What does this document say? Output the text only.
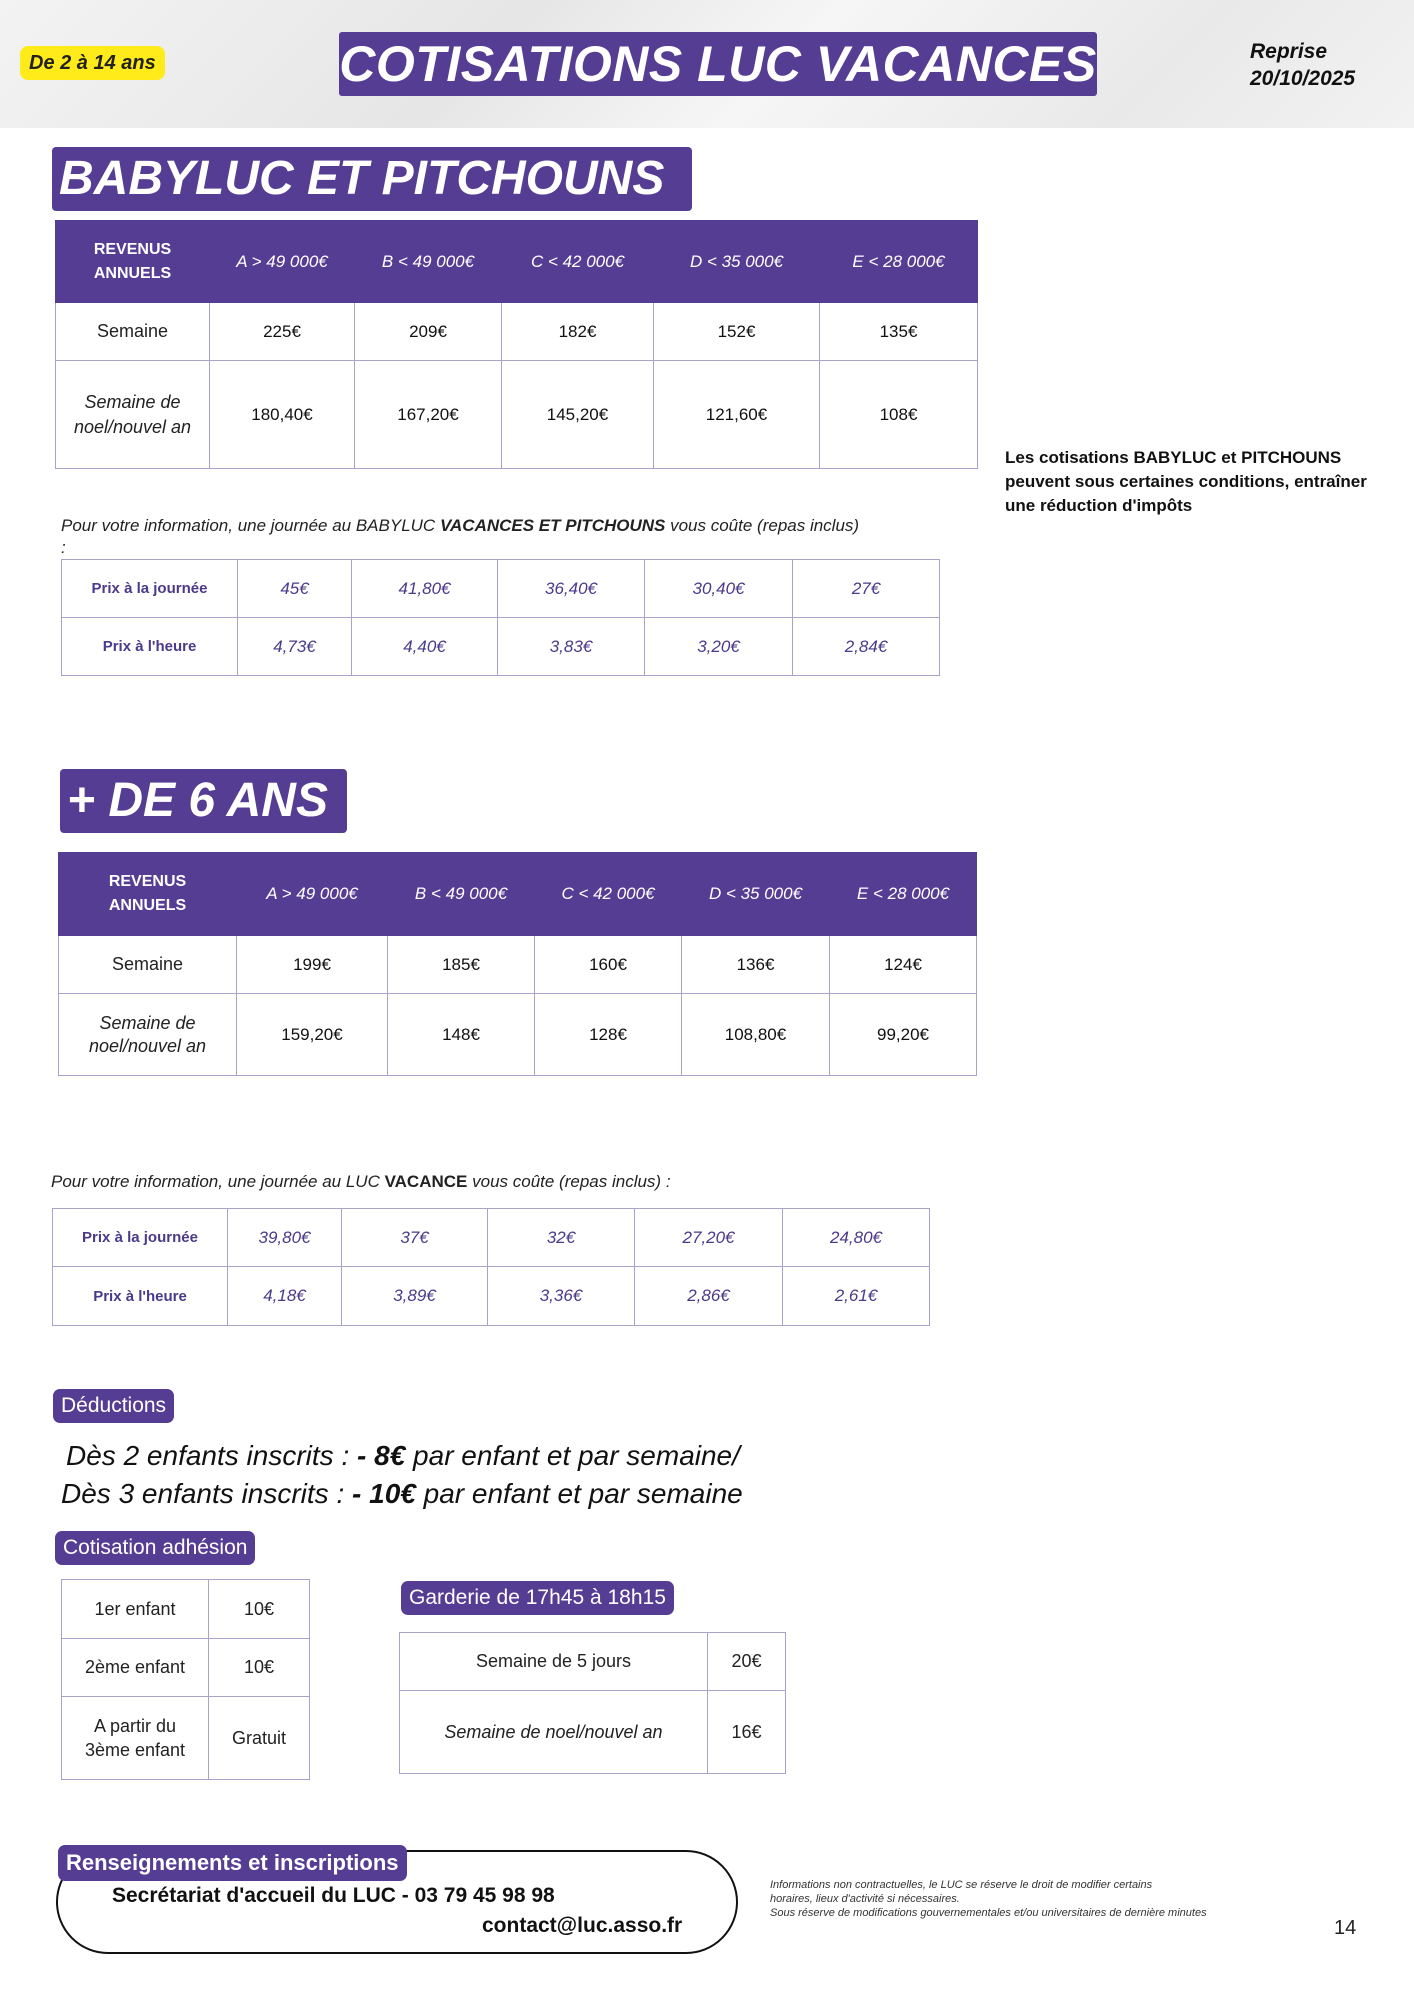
De 2 à 14 ans	COTISATIONS LUC VACANCES	Reprise
20/10/2025
BABYLUC ET PITCHOUNS
REVENUS
ANNUELS	A > 49 000€	B < 49 000€	C < 42 000€	D < 35 000€	E < 28 000€
Semaine	225€	209€	182€	152€	135€
Semaine de noel/nouvel an	180,40€	167,20€	145,20€	121,60€	108€
Les cotisations BABYLUC et PITCHOUNS peuvent sous certaines conditions, entraîner une réduction d'impôts
Pour votre information, une journée au BABYLUC VACANCES ET PITCHOUNS vous coûte (repas inclus)
:
Prix à la journée	45€	41,80€	36,40€	30,40€	27€
Prix à l'heure	4,73€	4,40€	3,83€	3,20€	2,84€
+ DE 6 ANS
REVENUS
ANNUELS	A > 49 000€	B < 49 000€	C < 42 000€	D < 35 000€	E < 28 000€
Semaine	199€	185€	160€	136€	124€
Semaine de noel/nouvel an	159,20€	148€	128€	108,80€	99,20€
Pour votre information, une journée au LUC VACANCE vous coûte (repas inclus) :
Prix à la journée	39,80€	37€	32€	27,20€	24,80€
Prix à l'heure	4,18€	3,89€	3,36€	2,86€	2,61€
Déductions
Dès 2 enfants inscrits : - 8€ par enfant et par semaine/
Dès 3 enfants inscrits : - 10€ par enfant et par semaine
Cotisation adhésion
1er enfant	10€
2ème enfant	10€
A partir du 3ème enfant	Gratuit
Garderie de 17h45 à 18h15
Semaine de 5 jours	20€
Semaine de noel/nouvel an	16€
Renseignements et inscriptions
Secrétariat d'accueil du LUC - 03 79 45 98 98
contact@luc.asso.fr
Informations non contractuelles, le LUC se réserve le droit de modifier certains
horaires, lieux d'activité si nécessaires.
Sous réserve de modifications gouvernementales et/ou universitaires de dernière minutes
14
